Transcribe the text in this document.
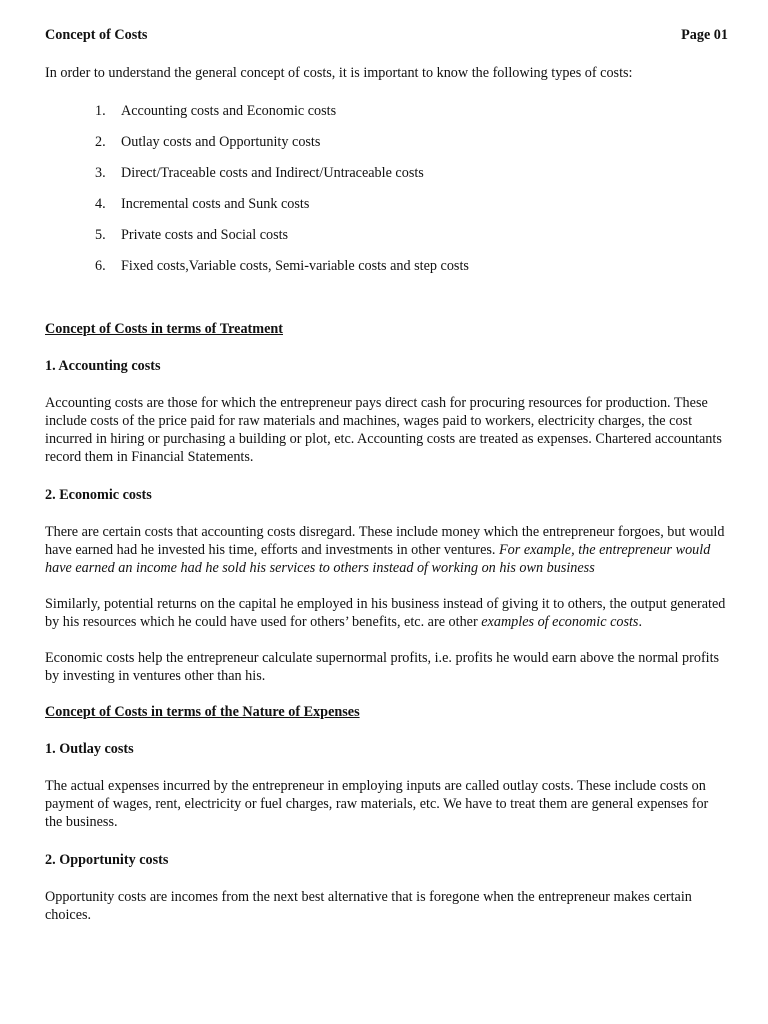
Concept of Costs	Page 01

In order to understand the general concept of costs, it is important to know the following types of costs:

1.	Accounting costs and Economic costs
2.	Outlay costs and Opportunity costs
3.	Direct/Traceable costs and Indirect/Untraceable costs
4.	Incremental costs and Sunk costs
5.	Private costs and Social costs
6.	Fixed costs,Variable costs, Semi-variable costs and step costs
Concept of Costs in terms of Treatment
1. Accounting costs

Accounting costs are those for which the entrepreneur pays direct cash for procuring resources for production. These include costs of the price paid for raw materials and machines, wages paid to workers, electricity charges, the cost incurred in hiring or purchasing a building or plot, etc. Accounting costs are treated as expenses. Chartered accountants record them in Financial Statements.

2. Economic costs

There are certain costs that accounting costs disregard. These include money which the entrepreneur forgoes, but would have earned had he invested his time, efforts and investments in other ventures. For example, the entrepreneur would have earned an income had he sold his services to others instead of working on his own business

Similarly, potential returns on the capital he employed in his business instead of giving it to others, the output generated by his resources which he could have used for others’ benefits, etc. are other examples of economic costs.

Economic costs help the entrepreneur calculate supernormal profits, i.e. profits he would earn above the normal profits by investing in ventures other than his.

Concept of Costs in terms of the Nature of Expenses
1. Outlay costs

The actual expenses incurred by the entrepreneur in employing inputs are called outlay costs. These include costs on payment of wages, rent, electricity or fuel charges, raw materials, etc. We have to treat them are general expenses for the business.

2. Opportunity costs

Opportunity costs are incomes from the next best alternative that is foregone when the entrepreneur makes certain choices.
